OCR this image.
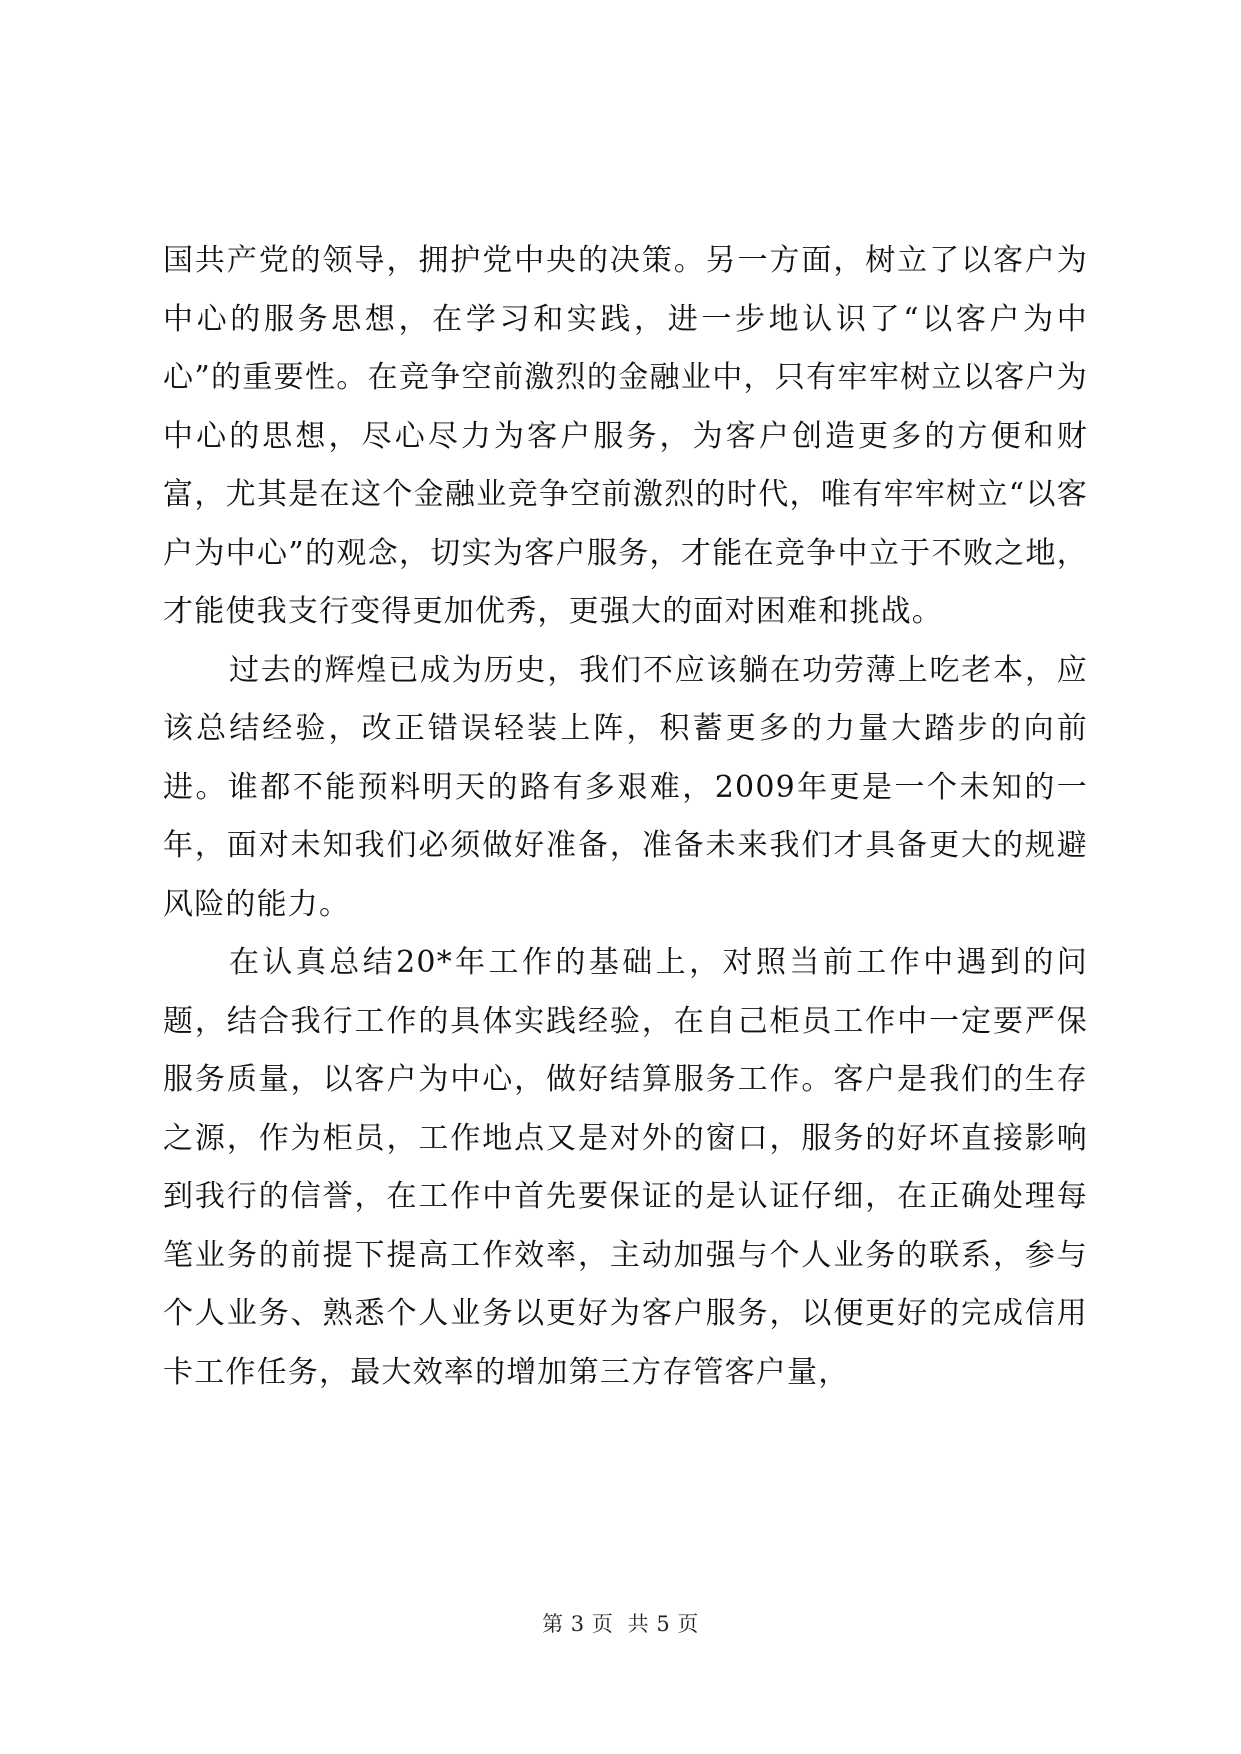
国共产党的领导，拥护党中央的决策。另一方面，树立了以客户为中心的服务思想，在学习和实践，进一步地认识了“以客户为中心”的重要性。在竞争空前激烈的金融业中，只有牢牢树立以客户为中心的思想，尽心尽力为客户服务，为客户创造更多的方便和财富，尤其是在这个金融业竞争空前激烈的时代，唯有牢牢树立“以客户为中心”的观念，切实为客户服务，才能在竞争中立于不败之地，才能使我支行变得更加优秀，更强大的面对困难和挑战。

过去的辉煌已成为历史，我们不应该躺在功劳薄上吃老本，应该总结经验，改正错误轻装上阵，积蓄更多的力量大踏步的向前进。谁都不能预料明天的路有多艰难，2009年更是一个未知的一年，面对未知我们必须做好准备，准备未来我们才具备更大的规避风险的能力。

在认真总结20*年工作的基础上，对照当前工作中遇到的问题，结合我行工作的具体实践经验，在自己柜员工作中一定要严保服务质量，以客户为中心，做好结算服务工作。客户是我们的生存之源，作为柜员，工作地点又是对外的窗口，服务的好坏直接影响到我行的信誉，在工作中首先要保证的是认证仔细，在正确处理每笔业务的前提下提高工作效率，主动加强与个人业务的联系，参与个人业务、熟悉个人业务以更好为客户服务，以便更好的完成信用卡工作任务，最大效率的增加第三方存管客户量，

第 3 页  共 5 页
